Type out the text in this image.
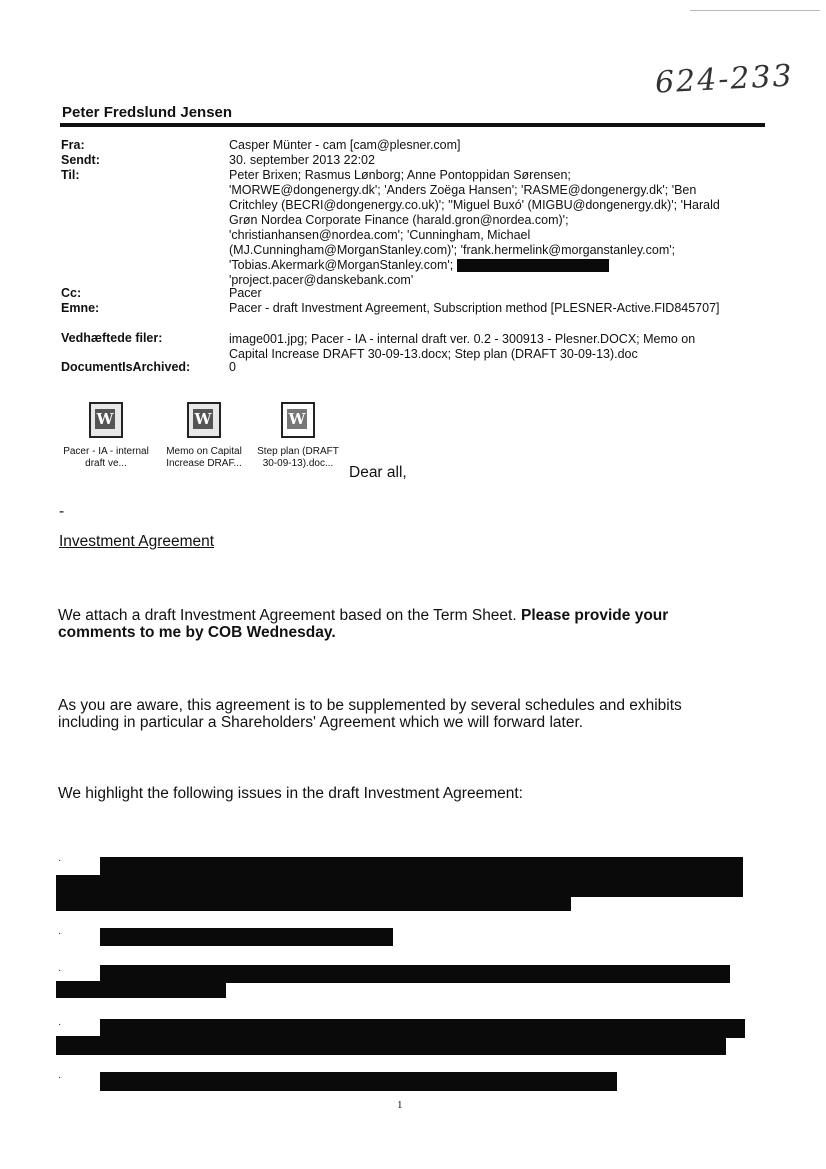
624-233
Peter Fredslund Jensen
Fra:	Casper Münter - cam [cam@plesner.com]
Sendt:	30. september 2013 22:02
Til:	Peter Brixen; Rasmus Lønborg; Anne Pontoppidan Sørensen;
'MORWE@dongenergy.dk'; 'Anders Zoëga Hansen'; 'RASME@dongenergy.dk'; 'Ben
Critchley (BECRI@dongenergy.co.uk)'; ''Miguel Buxó' (MIGBU@dongenergy.dk)'; 'Harald
Grøn Nordea Corporate Finance (harald.gron@nordea.com)';
'christianhansen@nordea.com'; 'Cunningham, Michael
(MJ.Cunningham@MorganStanley.com)'; 'frank.hermelink@morganstanley.com';
'Tobias.Akermark@MorganStanley.com';
'project.pacer@danskebank.com'
Cc:	Pacer
Emne:	Pacer - draft Investment Agreement, Subscription method [PLESNER-Active.FID845707]
Vedhæftede filer:	image001.jpg; Pacer - IA - internal draft ver. 0.2 - 300913 - Plesner.DOCX; Memo on
Capital Increase DRAFT 30-09-13.docx; Step plan (DRAFT 30-09-13).doc
DocumentIsArchived:	0
W
Pacer - IA - internal
draft ve...
W
Memo on Capital
Increase DRAF...
W
Step plan (DRAFT
30-09-13).doc...
Dear all,
-
Investment Agreement
We attach a draft Investment Agreement based on the Term Sheet. Please provide your comments to me by COB Wednesday.
As you are aware, this agreement is to be supplemented by several schedules and exhibits including in particular a Shareholders' Agreement which we will forward later.
We highlight the following issues in the draft Investment Agreement:
·
·
·
·
·
1
